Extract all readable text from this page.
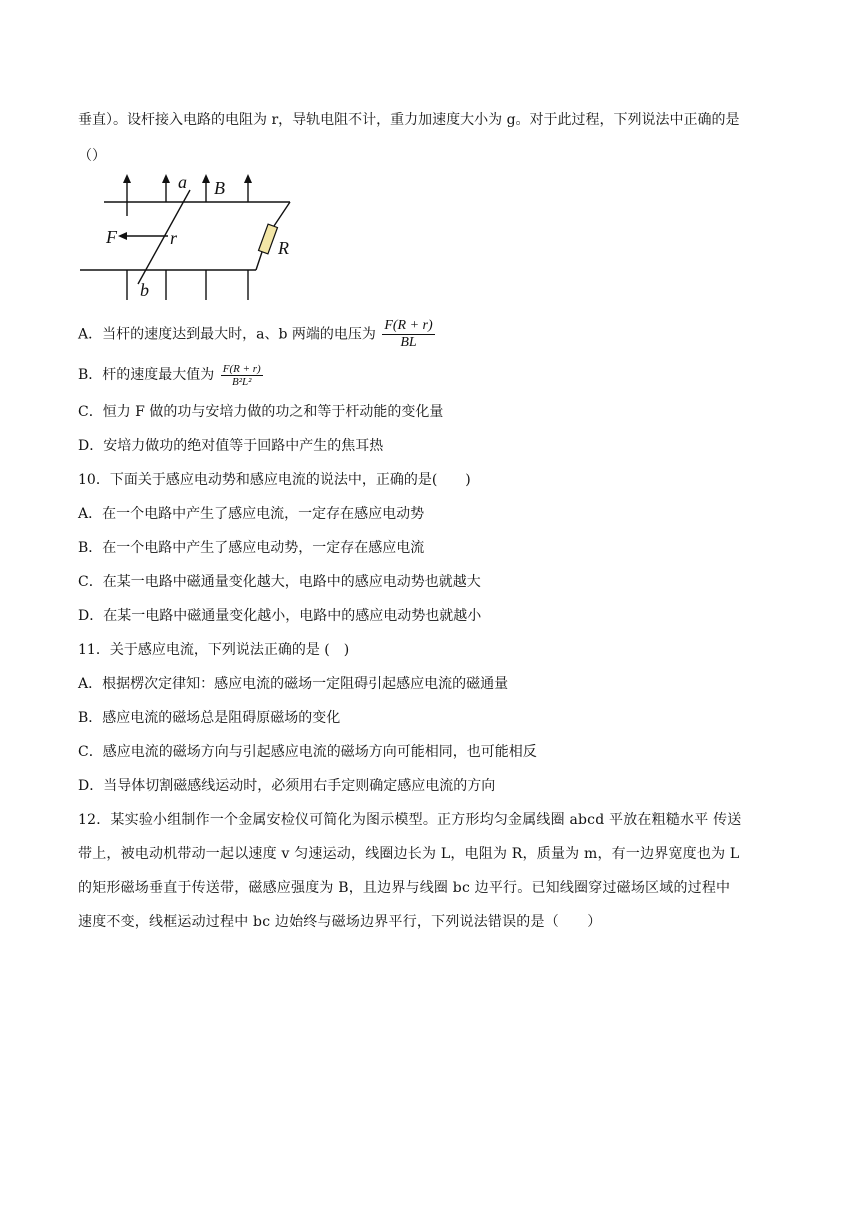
垂直）。设杆接入电路的电阻为 r，导轨电阻不计，重力加速度大小为 g。对于此过程，下列说法中正确的是
（）
a B
F	r	R
b
A．当杆的速度达到最大时，a、b 两端的电压为 $\frac{F(R + r)}{BL}$
B．杆的速度最大值为 $\frac{F(R + r)}{\text{B²L²}}$
C．恒力 F 做的功与安培力做的功之和等于杆动能的变化量
D．安培力做功的绝对值等于回路中产生的焦耳热
10．下面关于感应电动势和感应电流的说法中，正确的是(　　)
A．在一个电路中产生了感应电流，一定存在感应电动势
B．在一个电路中产生了感应电动势，一定存在感应电流
C．在某一电路中磁通量变化越大，电路中的感应电动势也就越大
D．在某一电路中磁通量变化越小，电路中的感应电动势也就越小
11．关于感应电流，下列说法正确的是 (　)
A．根据楞次定律知：感应电流的磁场一定阻碍引起感应电流的磁通量
B．感应电流的磁场总是阻碍原磁场的变化
C．感应电流的磁场方向与引起感应电流的磁场方向可能相同，也可能相反
D．当导体切割磁感线运动时，必须用右手定则确定感应电流的方向
12．某实验小组制作一个金属安检仪可简化为图示模型。正方形均匀金属线圈 abcd 平放在粗糙水平 传送
带上，被电动机带动一起以速度 v 匀速运动，线圈边长为 L，电阻为 R，质量为 m，有一边界宽度也为 L
的矩形磁场垂直于传送带，磁感应强度为 B，且边界与线圈 bc 边平行。已知线圈穿过磁场区域的过程中
速度不变，线框运动过程中 bc 边始终与磁场边界平行，下列说法错误的是（　　）
